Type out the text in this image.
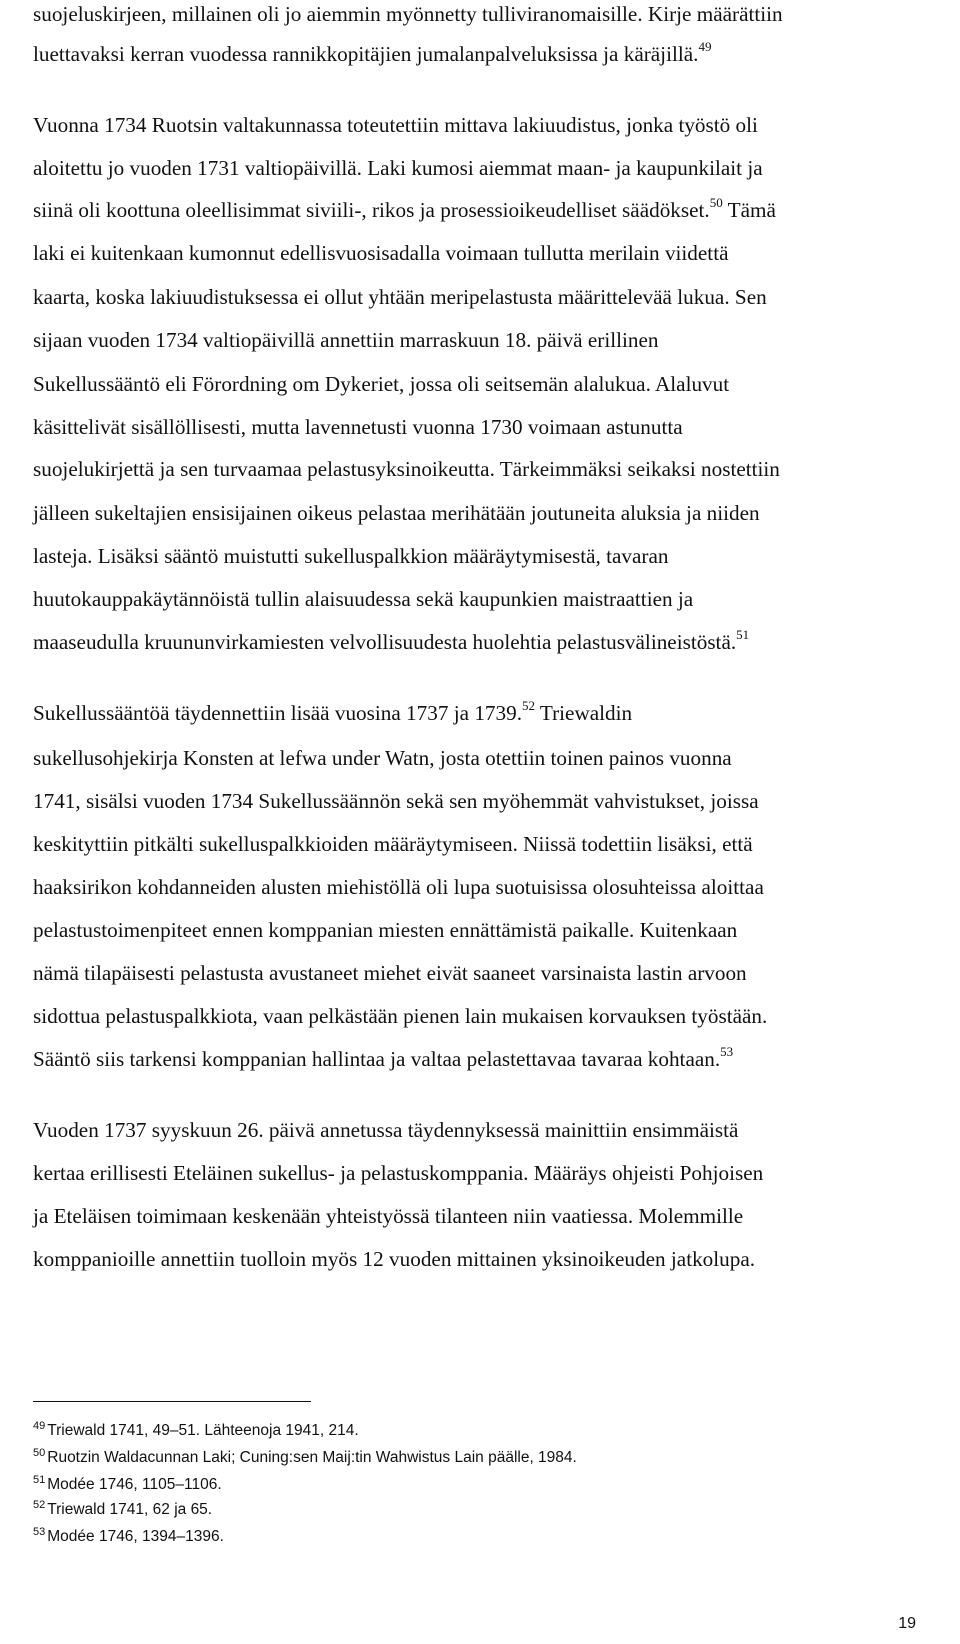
suojeluskirjeen, millainen oli jo aiemmin myönnetty tulliviranomaisille. Kirje määrättiin
luettavaksi kerran vuodessa rannikkopitäjien jumalanpalveluksissa ja käräjillä.$^{49}$
Vuonna 1734 Ruotsin valtakunnassa toteutettiin mittava lakiuudistus, jonka työstö oli
aloitettu jo vuoden 1731 valtiopäivillä. Laki kumosi aiemmat maan- ja kaupunkilait ja
siinä oli koottuna oleellisimmat siviili-, rikos ja prosessioikeudelliset säädökset.$^{50}$ Tämä
laki ei kuitenkaan kumonnut edellisvuosisadalla voimaan tullutta merilain viidettä
kaarta, koska lakiuudistuksessa ei ollut yhtään meripelastusta määrittelevää lukua. Sen
sijaan vuoden 1734 valtiopäivillä annettiin marraskuun 18. päivä erillinen
Sukellussääntö eli Förordning om Dykeriet, jossa oli seitsemän alalukua. Alaluvut
käsittelivät sisällöllisesti, mutta lavennetusti vuonna 1730 voimaan astunutta
suojelukirjettä ja sen turvaamaa pelastusyksinoikeutta. Tärkeimmäksi seikaksi nostettiin
jälleen sukeltajien ensisijainen oikeus pelastaa merihätään joutuneita aluksia ja niiden
lasteja. Lisäksi sääntö muistutti sukelluspalkkion määräytymisestä, tavaran
huutokauppakäytännöistä tullin alaisuudessa sekä kaupunkien maistraattien ja
maaseudulla kruununvirkamiesten velvollisuudesta huolehtia pelastusvälineistöstä.$^{51}$
Sukellussääntöä täydennettiin lisää vuosina 1737 ja 1739.52 Triewaldin
sukellusohjekirja Konsten at lefwa under Watn, josta otettiin toinen painos vuonna
1741, sisälsi vuoden 1734 Sukellussäännön sekä sen myöhemmät vahvistukset, joissa
keskityttiin pitkälti sukelluspalkkioiden määräytymiseen. Niissä todettiin lisäksi, että
haaksirikon kohdanneiden alusten miehistöllä oli lupa suotuisissa olosuhteissa aloittaa
pelastustoimenpiteet ennen komppanian miesten ennättämistä paikalle. Kuitenkaan
nämä tilapäisesti pelastusta avustaneet miehet eivät saaneet varsinaista lastin arvoon
sidottua pelastuspalkkiota, vaan pelkästään pienen lain mukaisen korvauksen työstään.
Sääntö siis tarkensi komppanian hallintaa ja valtaa pelastettavaa tavaraa kohtaan.$^{53}$
Vuoden 1737 syyskuun 26. päivä annetussa täydennyksessä mainittiin ensimmäistä
kertaa erillisesti Eteläinen sukellus- ja pelastuskomppania. Määräys ohjeisti Pohjoisen
ja Eteläisen toimimaan keskenään yhteistyössä tilanteen niin vaatiessa. Molemmille
komppanioille annettiin tuolloin myös 12 vuoden mittainen yksinoikeuden jatkolupa.
$^{49}$ Triewald 1741, 49–51. Lähteenoja 1941, 214.
$^{50}$ Ruotzin Waldacunnan Laki; Cuning:sen Maij:tin Wahwistus Lain päälle, 1984.
$^{51}$ Modée 1746, 1105–1106.
$^{52}$ Triewald 1741, 62 ja 65.
$^{53}$ Modée 1746, 1394–1396.
19
